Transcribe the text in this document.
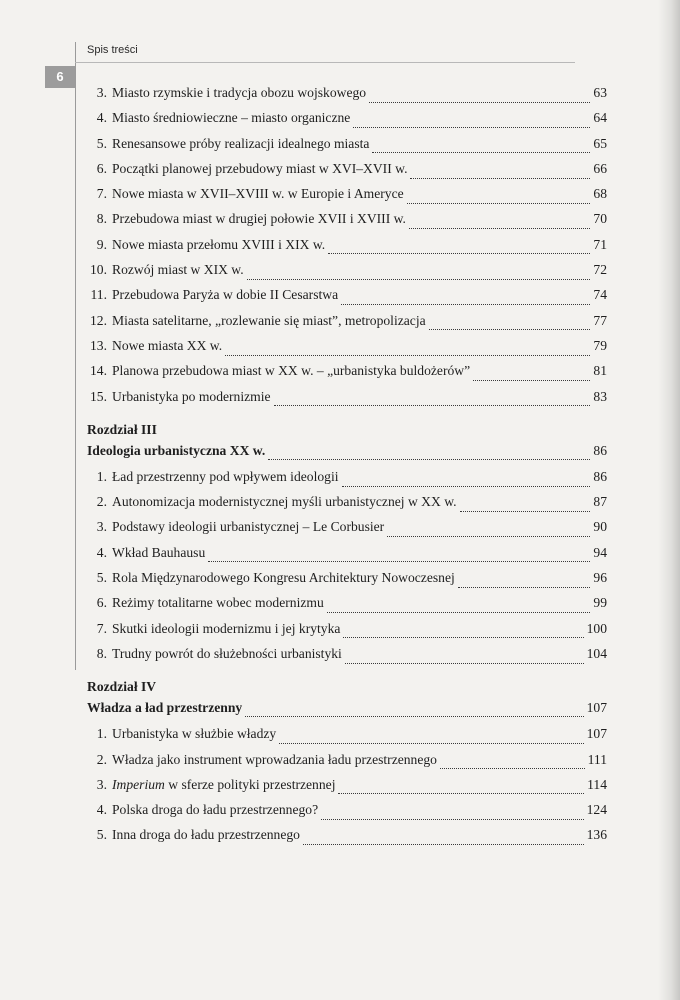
6
Spis treści
3. Miasto rzymskie i tradycja obozu wojskowego	63
4. Miasto średniowieczne – miasto organiczne	64
5. Renesansowe próby realizacji idealnego miasta	65
6. Początki planowej przebudowy miast w XVI–XVII w.	66
7. Nowe miasta w XVII–XVIII w. w Europie i Ameryce	68
8. Przebudowa miast w drugiej połowie XVII i XVIII w.	70
9. Nowe miasta przełomu XVIII i XIX w.	71
10. Rozwój miast w XIX w.	72
11. Przebudowa Paryża w dobie II Cesarstwa	74
12. Miasta satelitarne, „rozlewanie się miast”, metropolizacja	77
13. Nowe miasta XX w.	79
14. Planowa przebudowa miast w XX w. – „urbanistyka buldożerów”	81
15. Urbanistyka po modernizmie	83
Rozdział III
Ideologia urbanistyczna XX w.	86
1. Ład przestrzenny pod wpływem ideologii	86
2. Autonomizacja modernistycznej myśli urbanistycznej w XX w.	87
3. Podstawy ideologii urbanistycznej – Le Corbusier	90
4. Wkład Bauhausu	94
5. Rola Międzynarodowego Kongresu Architektury Nowoczesnej	96
6. Reżimy totalitarne wobec modernizmu	99
7. Skutki ideologii modernizmu i jej krytyka	100
8. Trudny powrót do służebności urbanistyki	104
Rozdział IV
Władza a ład przestrzenny	107
1. Urbanistyka w służbie władzy	107
2. Władza jako instrument wprowadzania ładu przestrzennego	111
3. Imperium w sferze polityki przestrzennej	114
4. Polska droga do ładu przestrzennego?	124
5. Inna droga do ładu przestrzennego	136
